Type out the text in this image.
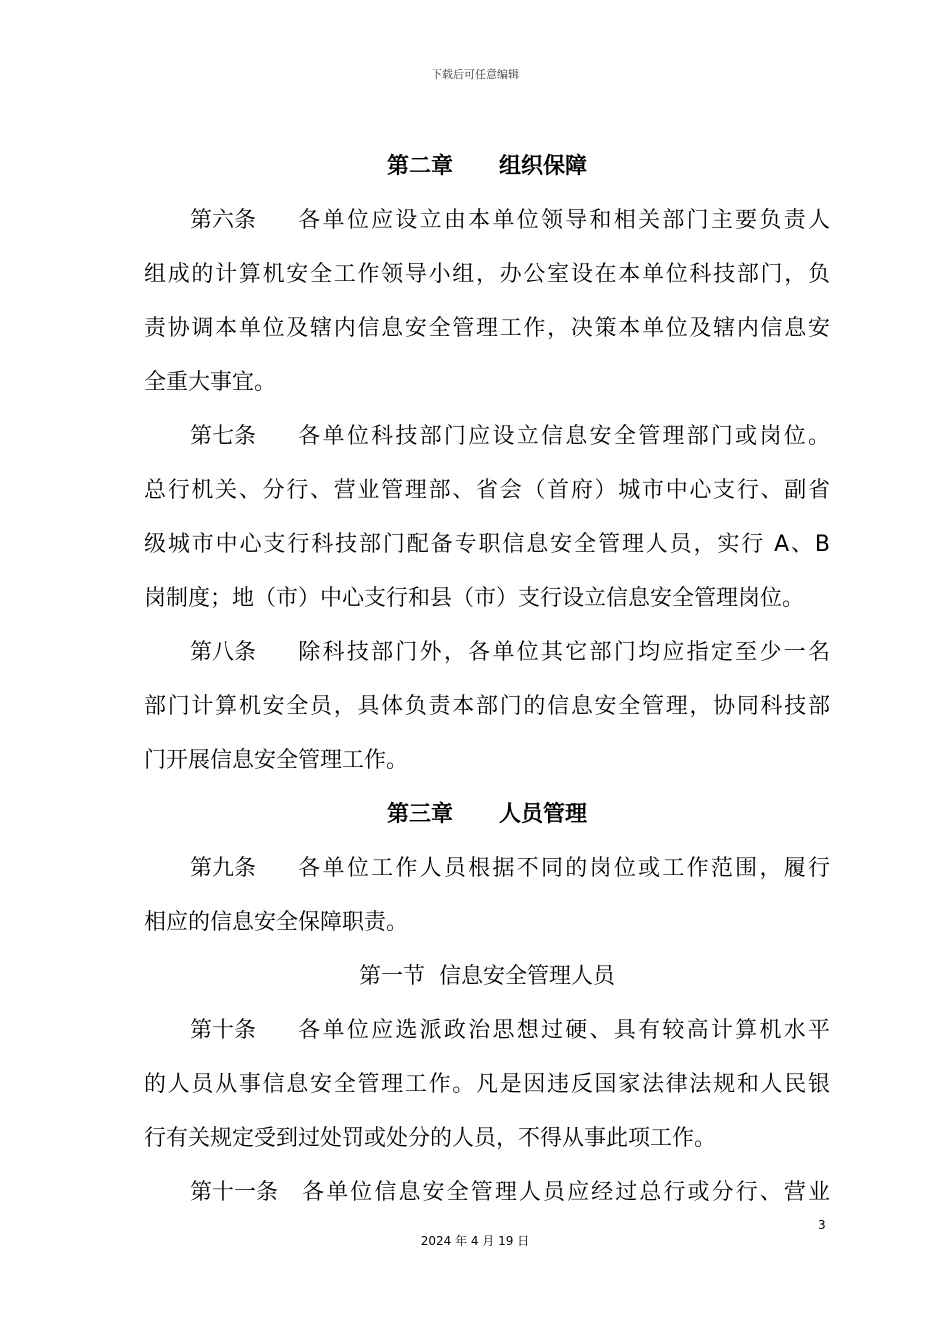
下载后可任意编辑
第二章 组织保障
第六条 各单位应设立由本单位领导和相关部门主要负责人
组成的计算机安全工作领导小组，办公室设在本单位科技部门，负
责协调本单位及辖内信息安全管理工作，决策本单位及辖内信息安
全重大事宜。
第七条 各单位科技部门应设立信息安全管理部门或岗位。
总行机关、分行、营业管理部、省会（首府）城市中心支行、副省
级城市中心支行科技部门配备专职信息安全管理人员，实行 A、B
岗制度；地（市）中心支行和县（市）支行设立信息安全管理岗位。
第八条 除科技部门外，各单位其它部门均应指定至少一名
部门计算机安全员，具体负责本部门的信息安全管理，协同科技部
门开展信息安全管理工作。
第三章 人员管理
第九条 各单位工作人员根据不同的岗位或工作范围，履行
相应的信息安全保障职责。
第一节 信息安全管理人员
第十条 各单位应选派政治思想过硬、具有较高计算机水平
的人员从事信息安全管理工作。凡是因违反国家法律法规和人民银
行有关规定受到过处罚或处分的人员，不得从事此项工作。
第十一条 各单位信息安全管理人员应经过总行或分行、营业
3
2024 年 4 月 19 日
